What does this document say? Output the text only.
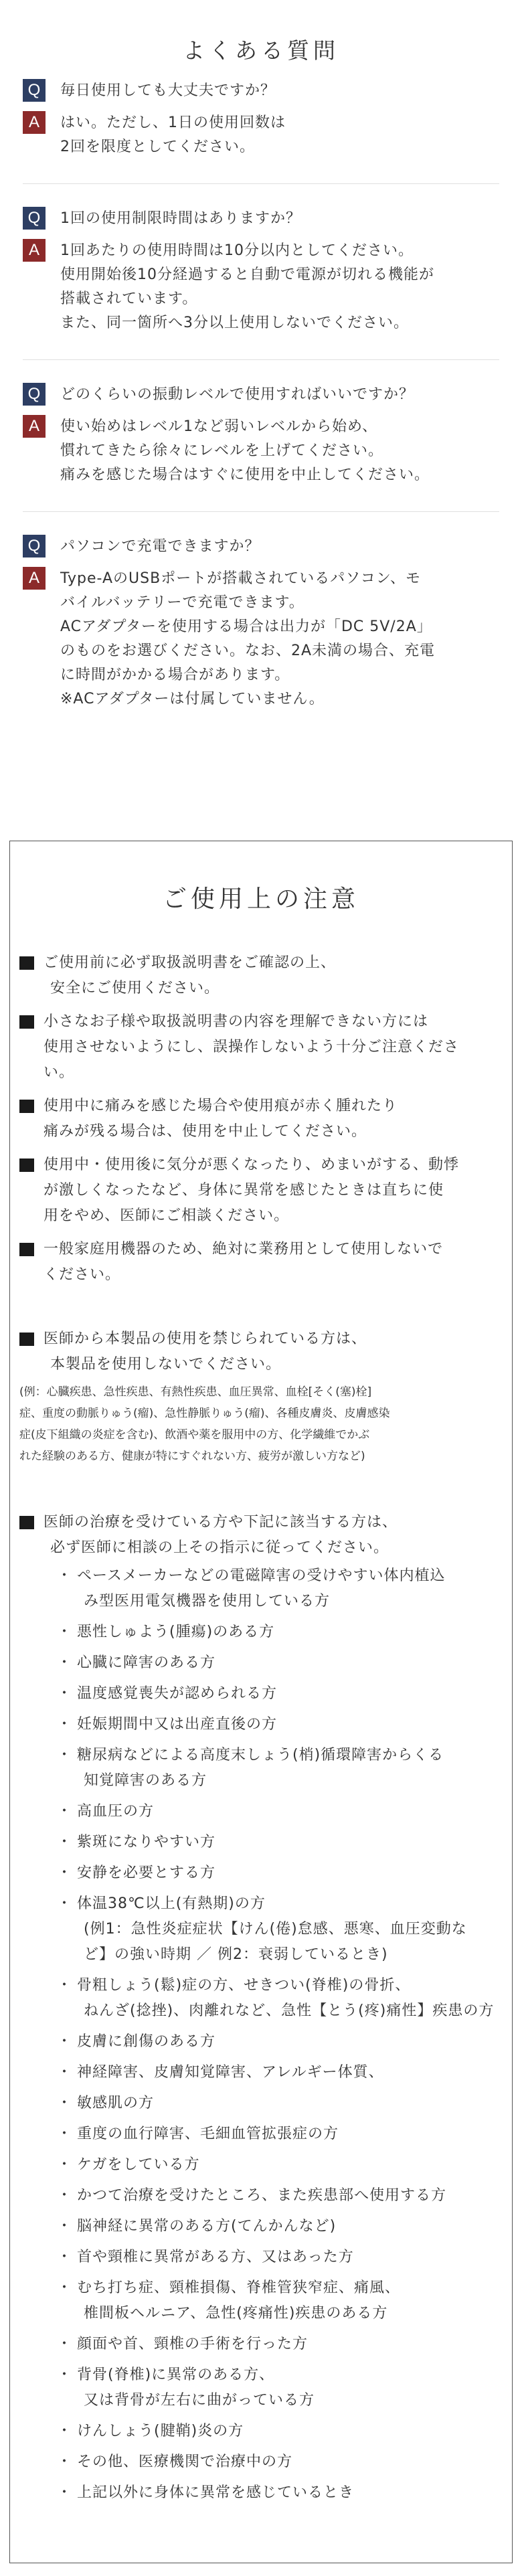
よくある質問
Q	毎日使用しても大丈夫ですか？
A	はい。ただし、1日の使用回数は
2回を限度としてください。
Q	1回の使用制限時間はありますか？
A	1回あたりの使用時間は10分以内としてください。
使用開始後10分経過すると自動で電源が切れる機能が
搭載されています。
また、同一箇所へ3分以上使用しないでください。
Q	どのくらいの振動レベルで使用すればいいですか？
A	使い始めはレベル1など弱いレベルから始め、
慣れてきたら徐々にレベルを上げてください。
痛みを感じた場合はすぐに使用を中止してください。
Q	パソコンで充電できますか？
A	Type-AのUSBポートが搭載されているパソコン、モ
バイルバッテリーで充電できます。
ACアダプターを使用する場合は出力が「DC 5V/2A」
のものをお選びください。なお、2A未満の場合、充電
に時間がかかる場合があります。
※ACアダプターは付属していません。
ご使用上の注意
ご使用前に必ず取扱説明書をご確認の上、
安全にご使用ください。
小さなお子様や取扱説明書の内容を理解できない方には
使用させないようにし、誤操作しないよう十分ご注意くださ
い。
使用中に痛みを感じた場合や使用痕が赤く腫れたり
痛みが残る場合は、使用を中止してください。
使用中・使用後に気分が悪くなったり、めまいがする、動悸
が激しくなったなど、身体に異常を感じたときは直ちに使
用をやめ、医師にご相談ください。
一般家庭用機器のため、絶対に業務用として使用しないで
ください。
医師から本製品の使用を禁じられている方は、
本製品を使用しないでください。
(例：心臓疾患、急性疾患、有熱性疾患、血圧異常、血栓[そく(塞)栓]
症、重度の動脈りゅう(瘤)、急性静脈りゅう(瘤)、各種皮膚炎、皮膚感染
症(皮下組織の炎症を含む)、飲酒や薬を服用中の方、化学繊維でかぶ
れた経験のある方、健康が特にすぐれない方、疲労が激しい方など)
医師の治療を受けている方や下記に該当する方は、
必ず医師に相談の上その指示に従ってください。
・ ペースメーカーなどの電磁障害の受けやすい体内植込
み型医用電気機器を使用している方
・ 悪性しゅよう(腫瘍)のある方
・ 心臓に障害のある方
・ 温度感覚喪失が認められる方
・ 妊娠期間中又は出産直後の方
・ 糖尿病などによる高度末しょう(梢)循環障害からくる
知覚障害のある方
・ 高血圧の方
・ 紫斑になりやすい方
・ 安静を必要とする方
・ 体温38℃以上(有熱期)の方
(例1：急性炎症症状【けん(倦)怠感、悪寒、血圧変動な
ど】の強い時期 ／ 例2：衰弱しているとき)
・ 骨粗しょう(鬆)症の方、せきつい(脊椎)の骨折、
ねんざ(捻挫)、肉離れなど、急性【とう(疼)痛性】疾患の方
・ 皮膚に創傷のある方
・ 神経障害、皮膚知覚障害、アレルギー体質、
・ 敏感肌の方
・ 重度の血行障害、毛細血管拡張症の方
・ ケガをしている方
・ かつて治療を受けたところ、また疾患部へ使用する方
・ 脳神経に異常のある方(てんかんなど)
・ 首や頸椎に異常がある方、又はあった方
・ むち打ち症、頸椎損傷、脊椎管狭窄症、痛風、
椎間板ヘルニア、急性(疼痛性)疾患のある方
・ 顔面や首、頸椎の手術を行った方
・ 背骨(脊椎)に異常のある方、
又は背骨が左右に曲がっている方
・ けんしょう(腱鞘)炎の方
・ その他、医療機関で治療中の方
・ 上記以外に身体に異常を感じているとき
